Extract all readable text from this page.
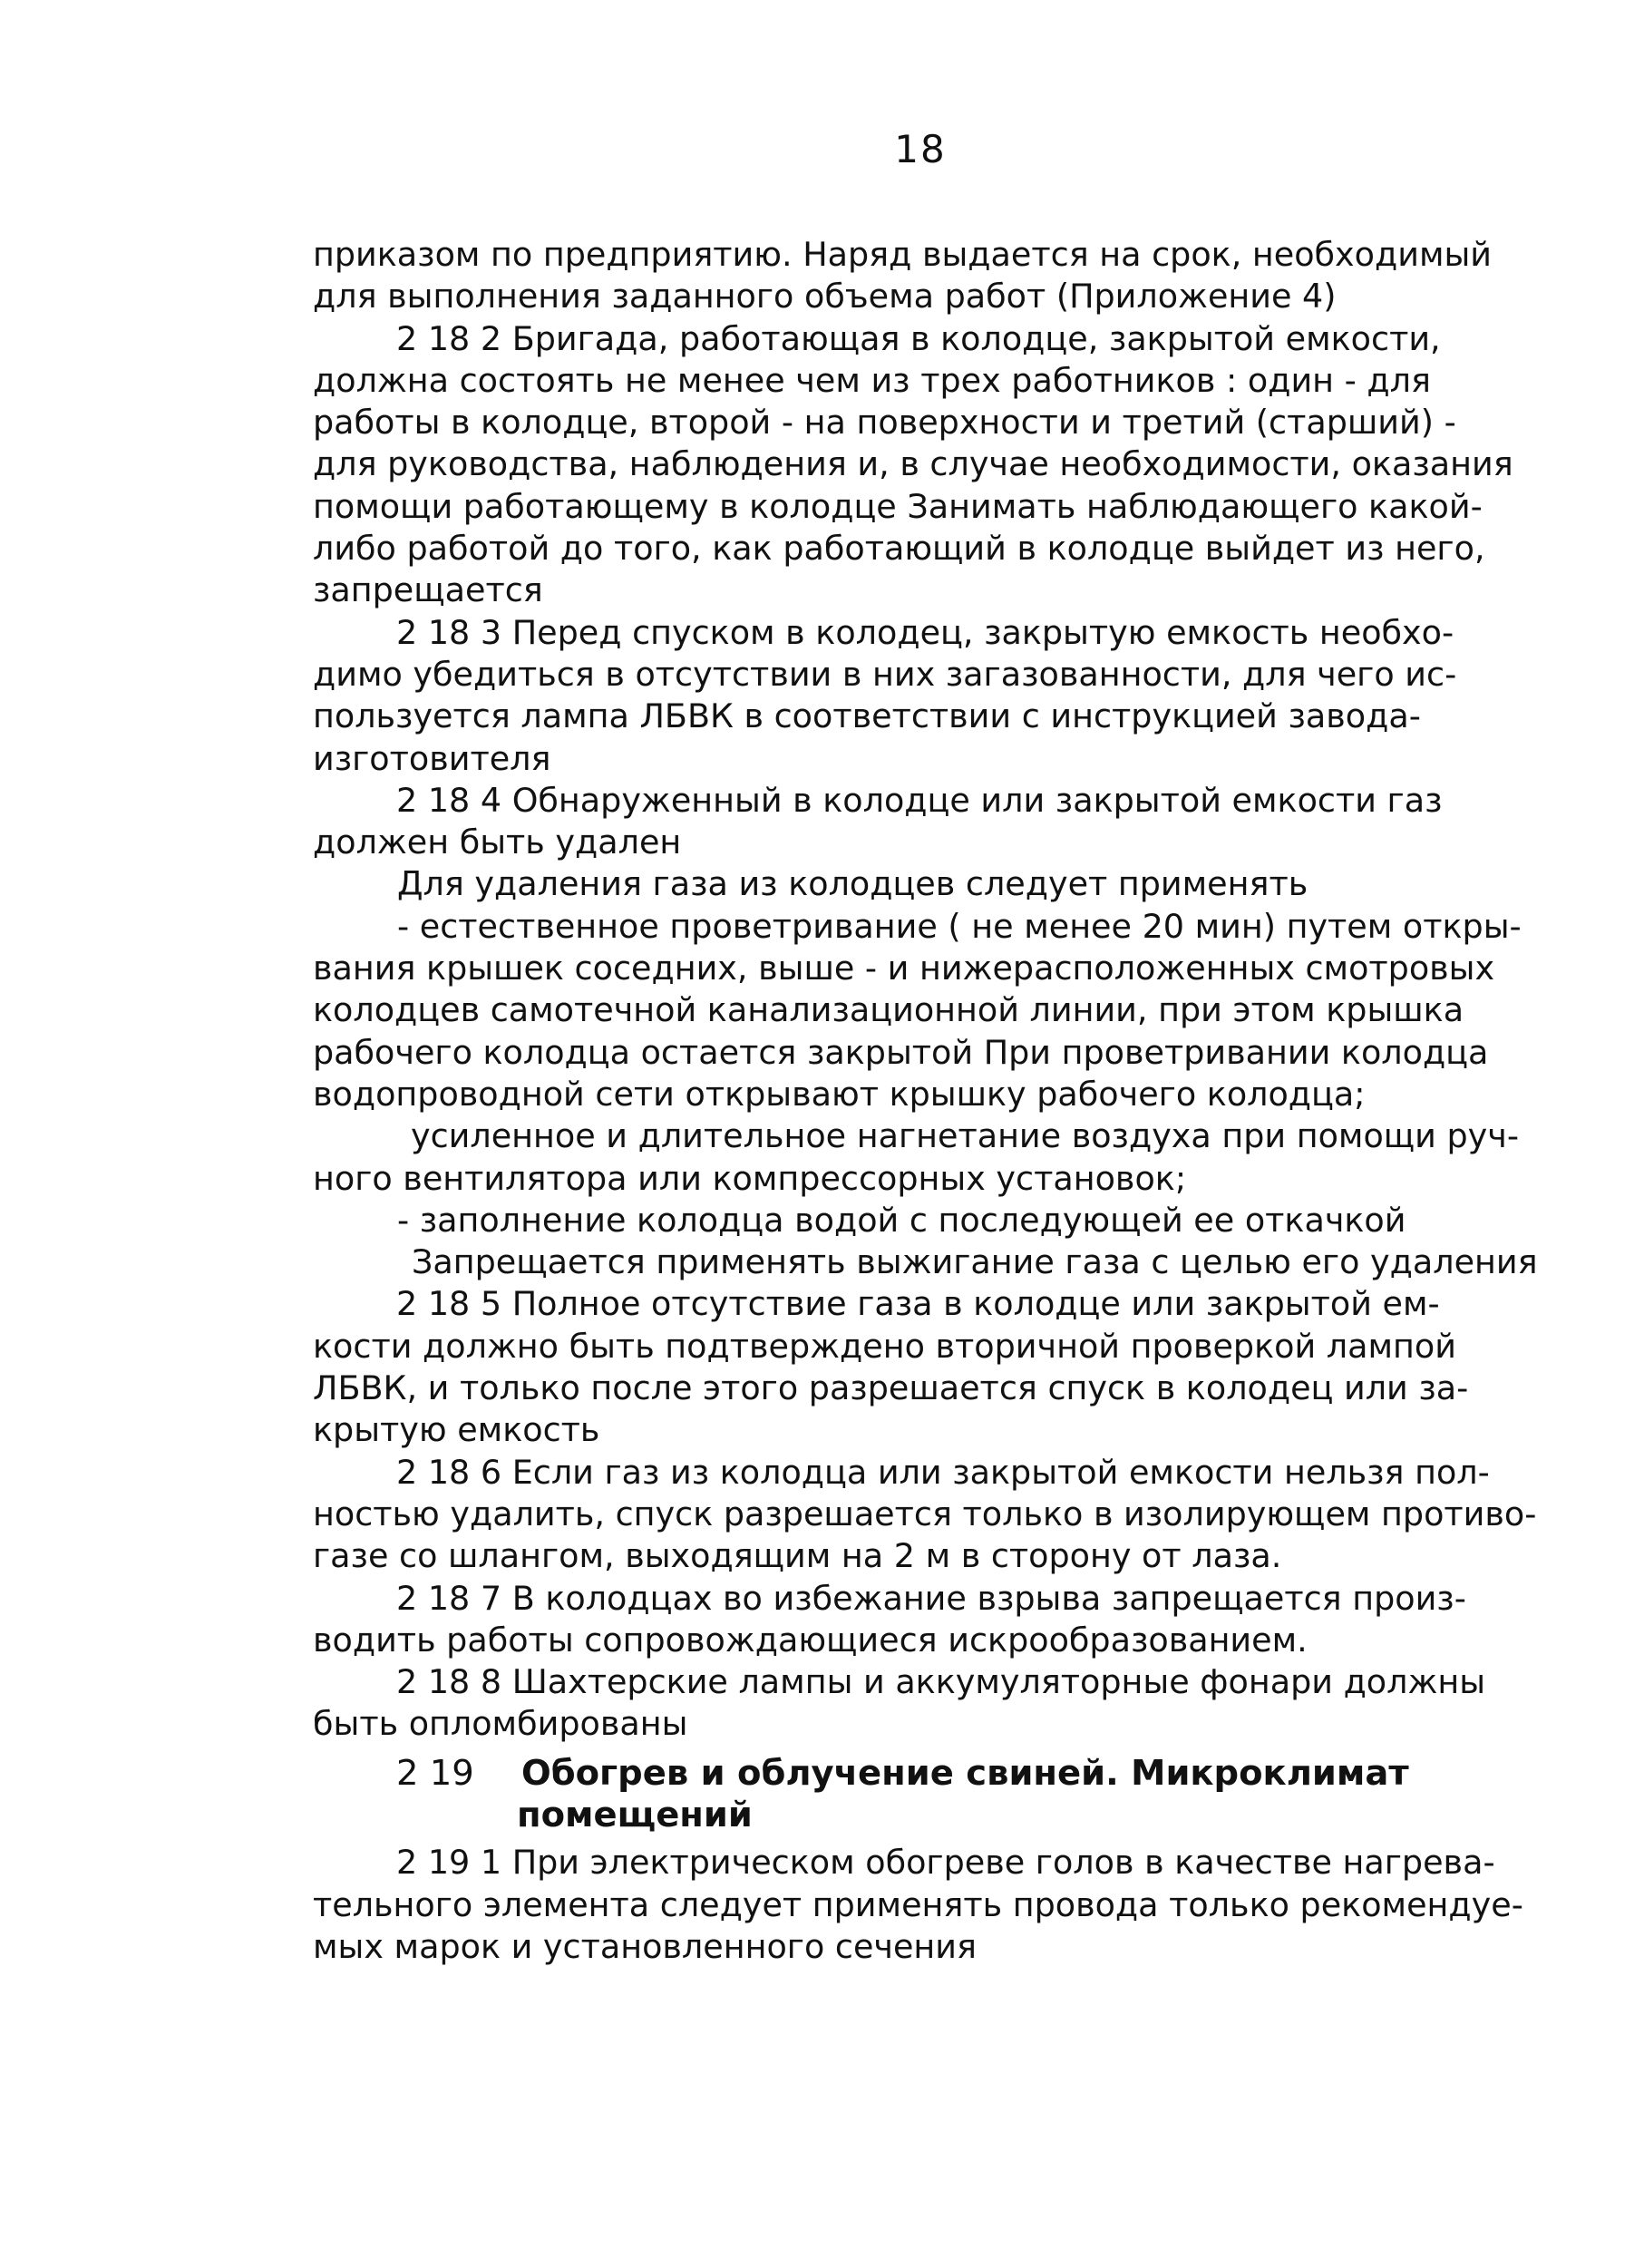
18
приказом по предприятию. Наряд выдается на срок, необходимый
для выполнения заданного объема работ (Приложение 4)
2 18 2 Бригада, работающая в колодце, закрытой емкости,
должна состоять не менее чем из трех работников : один - для
работы в колодце, второй - на поверхности и третий (старший) -
для руководства, наблюдения и, в случае необходимости, оказания
помощи работающему в колодце Занимать наблюдающего какой-
либо работой до того, как работающий в колодце выйдет из него,
запрещается
2 18 3 Перед спуском в колодец, закрытую емкость необхо-
димо убедиться в отсутствии в них загазованности, для чего ис-
пользуется лампа ЛБВК в соответствии с инструкцией завода-
изготовителя
2 18 4 Обнаруженный в колодце или закрытой емкости газ
должен быть удален
Для удаления газа из колодцев следует применять
- естественное проветривание ( не менее 20 мин) путем откры-
вания крышек соседних, выше - и нижерасположенных смотровых
колодцев самотечной канализационной линии, при этом крышка
рабочего колодца остается закрытой При проветривании колодца
водопроводной сети открывают крышку рабочего колодца;
усиленное и длительное нагнетание воздуха при помощи руч-
ного вентилятора или компрессорных установок;
- заполнение колодца водой с последующей ее откачкой
Запрещается применять выжигание газа с целью его удаления
2 18 5 Полное отсутствие газа в колодце или закрытой ем-
кости должно быть подтверждено вторичной проверкой лампой
ЛБВК, и только после этого разрешается спуск в колодец или за-
крытую емкость
2 18 6 Если газ из колодца или закрытой емкости нельзя пол-
ностью удалить, спуск разрешается только в изолирующем противо-
газе со шлангом, выходящим на 2 м в сторону от лаза.
2 18 7 В колодцах во избежание взрыва запрещается произ-
водить работы сопровождающиеся искрообразованием.
2 18 8 Шахтерские лампы и аккумуляторные фонари должны
быть опломбированы
2 19 Обогрев и облучение свиней. Микроклимат
помещений
2 19 1 При электрическом обогреве голов в качестве нагрева-
тельного элемента следует применять провода только рекомендуе-
мых марок и установленного сечения
